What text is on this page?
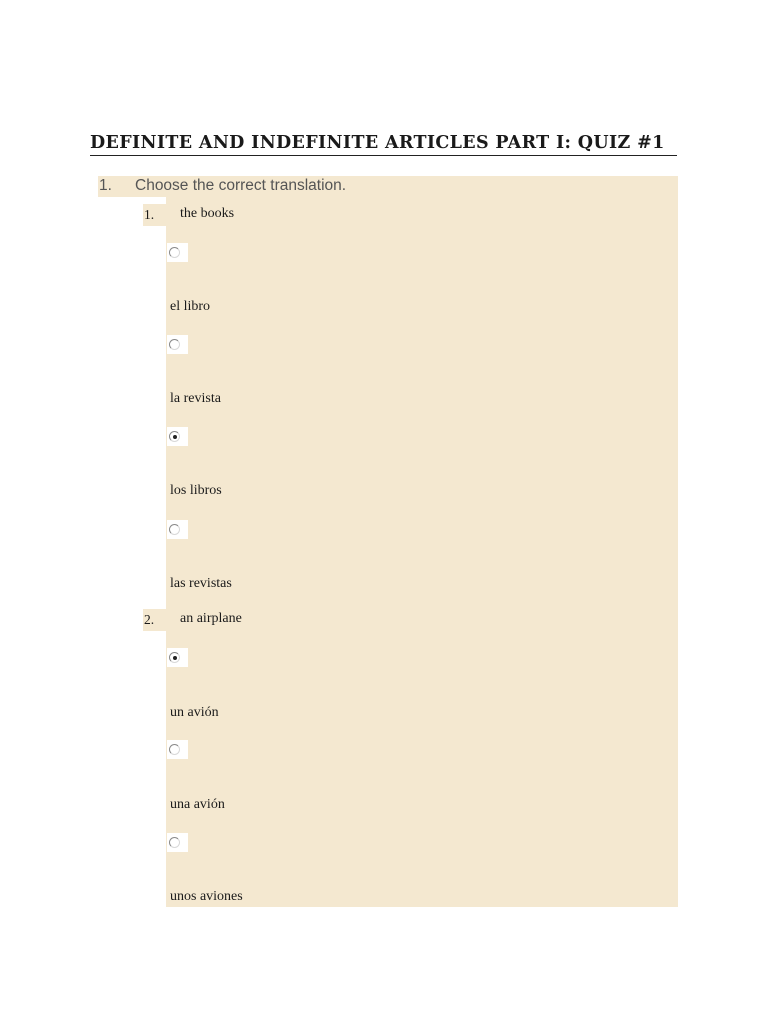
DEFINITE AND INDEFINITE ARTICLES PART I: QUIZ #1
1. Choose the correct translation.
1. the books
el libro
la revista
los libros
las revistas
2. an airplane
un avión
una avión
unos aviones
